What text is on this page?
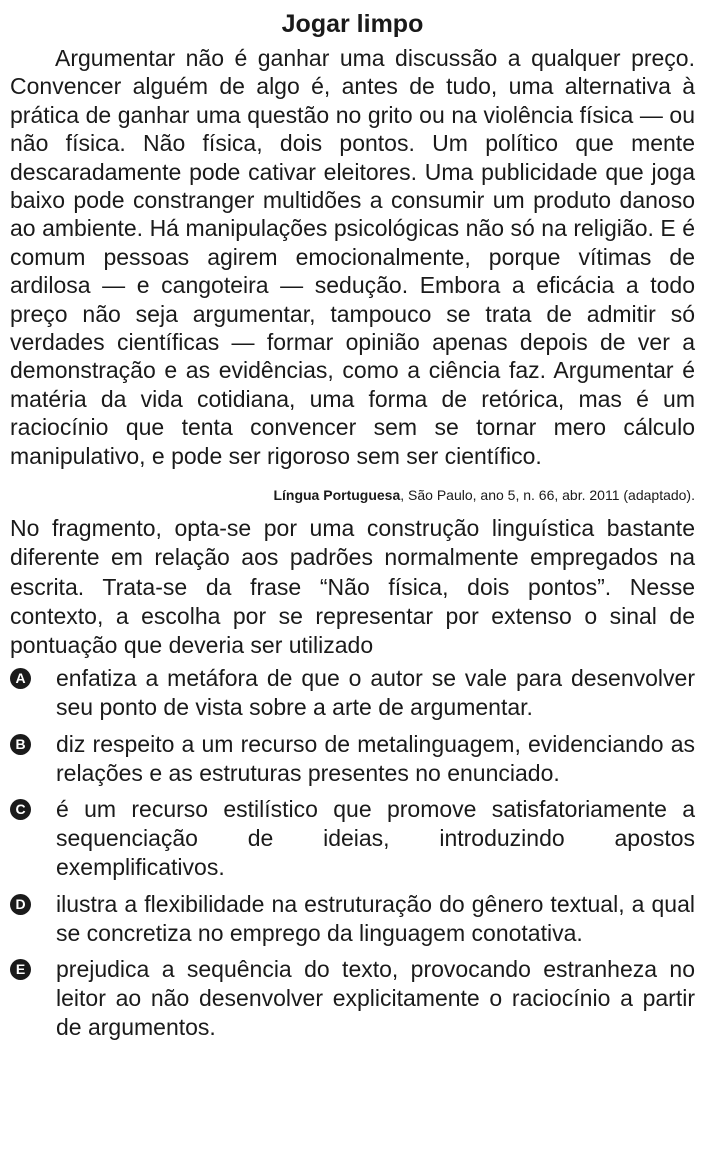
Jogar limpo

Argumentar não é ganhar uma discussão a qualquer preço. Convencer alguém de algo é, antes de tudo, uma alternativa à prática de ganhar uma questão no grito ou na violência física — ou não física. Não física, dois pontos. Um político que mente descaradamente pode cativar eleitores. Uma publicidade que joga baixo pode constranger multidões a consumir um produto danoso ao ambiente. Há manipulações psicológicas não só na religião. E é comum pessoas agirem emocionalmente, porque vítimas de ardilosa — e cangoteira — sedução. Embora a eficácia a todo preço não seja argumentar, tampouco se trata de admitir só verdades científicas — formar opinião apenas depois de ver a demonstração e as evidências, como a ciência faz. Argumentar é matéria da vida cotidiana, uma forma de retórica, mas é um raciocínio que tenta convencer sem se tornar mero cálculo manipulativo, e pode ser rigoroso sem ser científico.

Língua Portuguesa, São Paulo, ano 5, n. 66, abr. 2011 (adaptado).

No fragmento, opta-se por uma construção linguística bastante diferente em relação aos padrões normalmente empregados na escrita. Trata-se da frase “Não física, dois pontos”. Nesse contexto, a escolha por se representar por extenso o sinal de pontuação que deveria ser utilizado

A enfatiza a metáfora de que o autor se vale para desenvolver seu ponto de vista sobre a arte de argumentar.
B diz respeito a um recurso de metalinguagem, evidenciando as relações e as estruturas presentes no enunciado.
C é um recurso estilístico que promove satisfatoriamente a sequenciação de ideias, introduzindo apostos exemplificativos.
D ilustra a flexibilidade na estruturação do gênero textual, a qual se concretiza no emprego da linguagem conotativa.
E prejudica a sequência do texto, provocando estranheza no leitor ao não desenvolver explicitamente o raciocínio a partir de argumentos.
